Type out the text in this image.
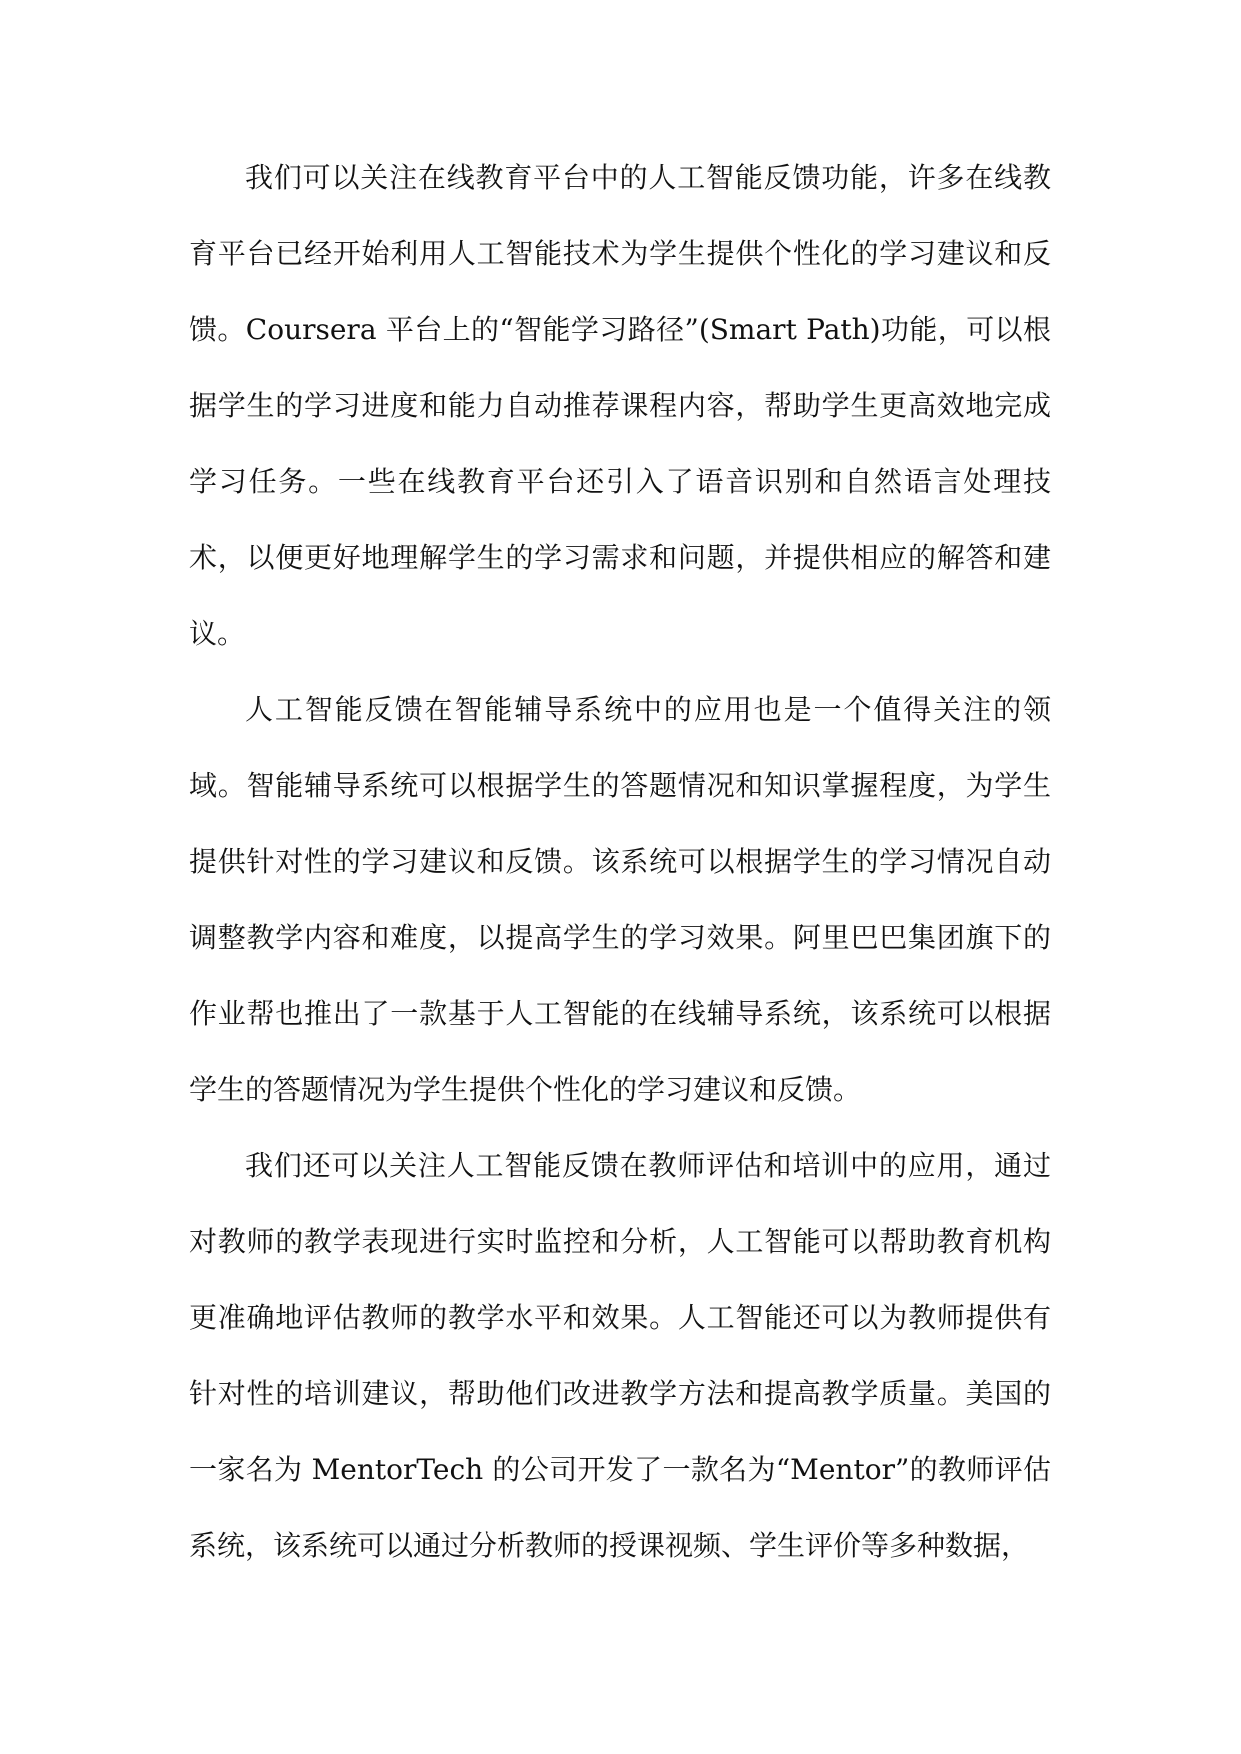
我们可以关注在线教育平台中的人工智能反馈功能，许多在线教育平台已经开始利用人工智能技术为学生提供个性化的学习建议和反馈。Coursera 平台上的“智能学习路径”(Smart Path)功能，可以根据学生的学习进度和能力自动推荐课程内容，帮助学生更高效地完成学习任务。一些在线教育平台还引入了语音识别和自然语言处理技术，以便更好地理解学生的学习需求和问题，并提供相应的解答和建议。

人工智能反馈在智能辅导系统中的应用也是一个值得关注的领域。智能辅导系统可以根据学生的答题情况和知识掌握程度，为学生提供针对性的学习建议和反馈。该系统可以根据学生的学习情况自动调整教学内容和难度，以提高学生的学习效果。阿里巴巴集团旗下的作业帮也推出了一款基于人工智能的在线辅导系统，该系统可以根据学生的答题情况为学生提供个性化的学习建议和反馈。

我们还可以关注人工智能反馈在教师评估和培训中的应用，通过对教师的教学表现进行实时监控和分析，人工智能可以帮助教育机构更准确地评估教师的教学水平和效果。人工智能还可以为教师提供有针对性的培训建议，帮助他们改进教学方法和提高教学质量。美国的一家名为 MentorTech 的公司开发了一款名为“Mentor”的教师评估系统，该系统可以通过分析教师的授课视频、学生评价等多种数据，
